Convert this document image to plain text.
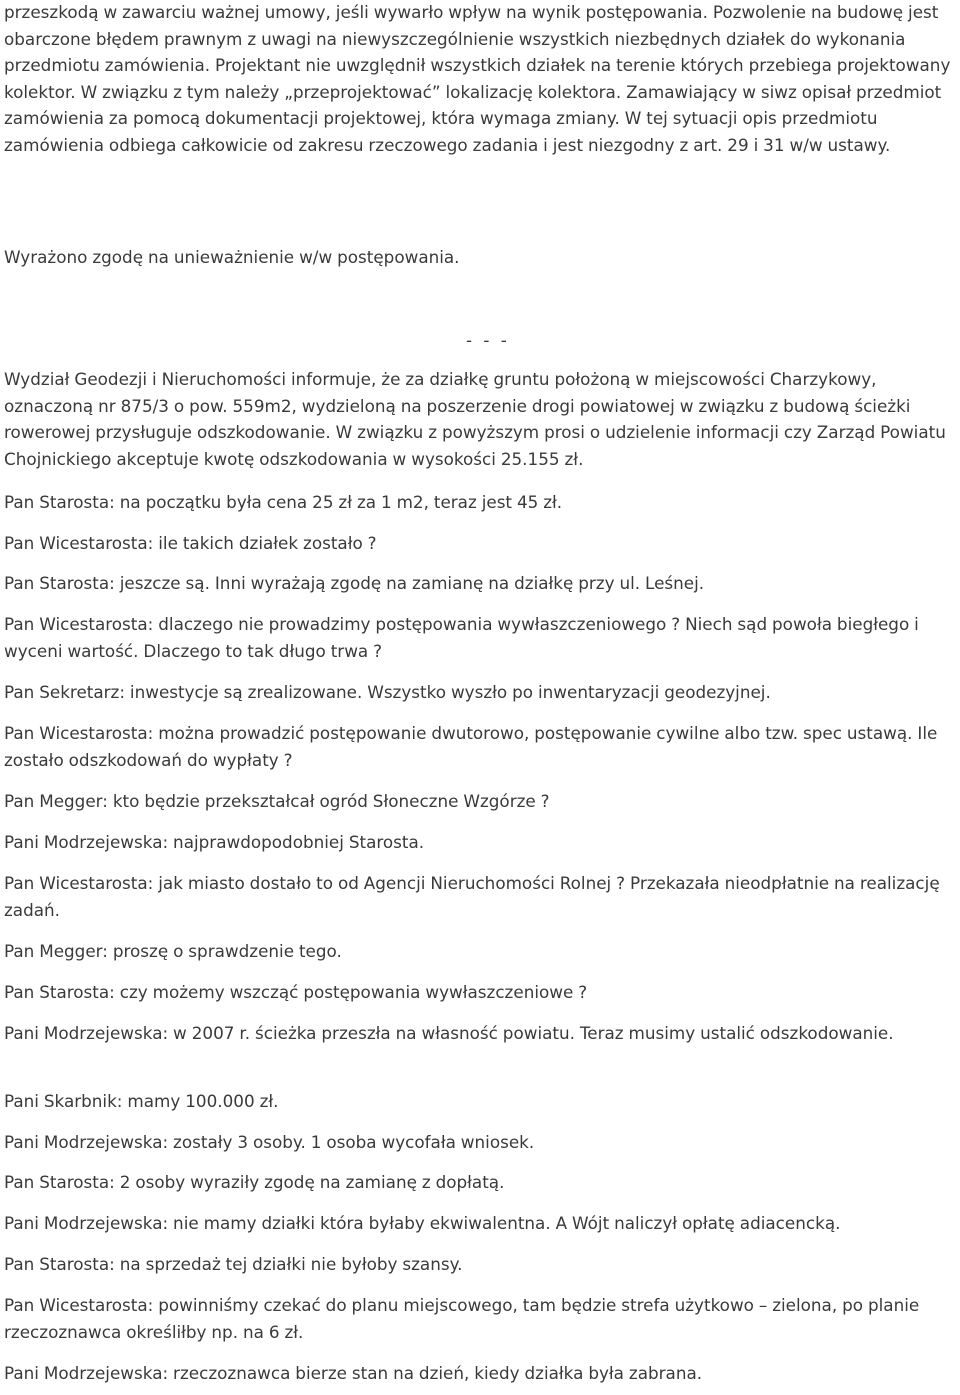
przeszkodą w zawarciu ważnej umowy, jeśli wywarło wpływ na wynik postępowania. Pozwolenie na budowę jest obarczone błędem prawnym z uwagi na niewyszczególnienie wszystkich niezbędnych działek do wykonania przedmiotu zamówienia. Projektant nie uwzględnił wszystkich działek na terenie których przebiega projektowany kolektor. W związku z tym należy „przeprojektować” lokalizację kolektora. Zamawiający w siwz opisał przedmiot zamówienia za pomocą dokumentacji projektowej, która wymaga zmiany. W tej sytuacji opis przedmiotu zamówienia odbiega całkowicie od zakresu rzeczowego zadania i jest niezgodny z art. 29 i 31 w/w ustawy.

Wyrażono zgodę na unieważnienie w/w postępowania.

- - -

Wydział Geodezji i Nieruchomości informuje, że za działkę gruntu położoną w miejscowości Charzykowy, oznaczoną nr 875/3 o pow. 559m2, wydzieloną na poszerzenie drogi powiatowej w związku z budową ścieżki rowerowej przysługuje odszkodowanie. W związku z powyższym prosi o udzielenie informacji czy Zarząd Powiatu Chojnickiego akceptuje kwotę odszkodowania w wysokości 25.155 zł.

Pan Starosta: na początku była cena 25 zł za 1 m2, teraz jest 45 zł.

Pan Wicestarosta: ile takich działek zostało ?

Pan Starosta: jeszcze są. Inni wyrażają zgodę na zamianę na działkę przy ul. Leśnej.

Pan Wicestarosta: dlaczego nie prowadzimy postępowania wywłaszczeniowego ? Niech sąd powoła biegłego i wyceni wartość. Dlaczego to tak długo trwa ?

Pan Sekretarz: inwestycje są zrealizowane. Wszystko wyszło po inwentaryzacji geodezyjnej.

Pan Wicestarosta: można prowadzić postępowanie dwutorowo, postępowanie cywilne albo tzw. spec ustawą. Ile zostało odszkodowań do wypłaty ?

Pan Megger: kto będzie przekształcał ogród Słoneczne Wzgórze ?

Pani Modrzejewska: najprawdopodobniej Starosta.

Pan Wicestarosta: jak miasto dostało to od Agencji Nieruchomości Rolnej ? Przekazała nieodpłatnie na realizację zadań.

Pan Megger: proszę o sprawdzenie tego.

Pan Starosta: czy możemy wszcząć postępowania wywłaszczeniowe ?

Pani Modrzejewska: w 2007 r. ścieżka przeszła na własność powiatu. Teraz musimy ustalić odszkodowanie.

Pani Skarbnik: mamy 100.000 zł.

Pani Modrzejewska: zostały 3 osoby. 1 osoba wycofała wniosek.

Pan Starosta: 2 osoby wyraziły zgodę na zamianę z dopłatą.

Pani Modrzejewska: nie mamy działki która byłaby ekwiwalentna. A Wójt naliczył opłatę adiacencką.

Pan Starosta: na sprzedaż tej działki nie byłoby szansy.

Pan Wicestarosta: powinniśmy czekać do planu miejscowego, tam będzie strefa użytkowo – zielona, po planie rzeczoznawca określiłby np. na 6 zł.

Pani Modrzejewska: rzeczoznawca bierze stan na dzień, kiedy działka była zabrana.
